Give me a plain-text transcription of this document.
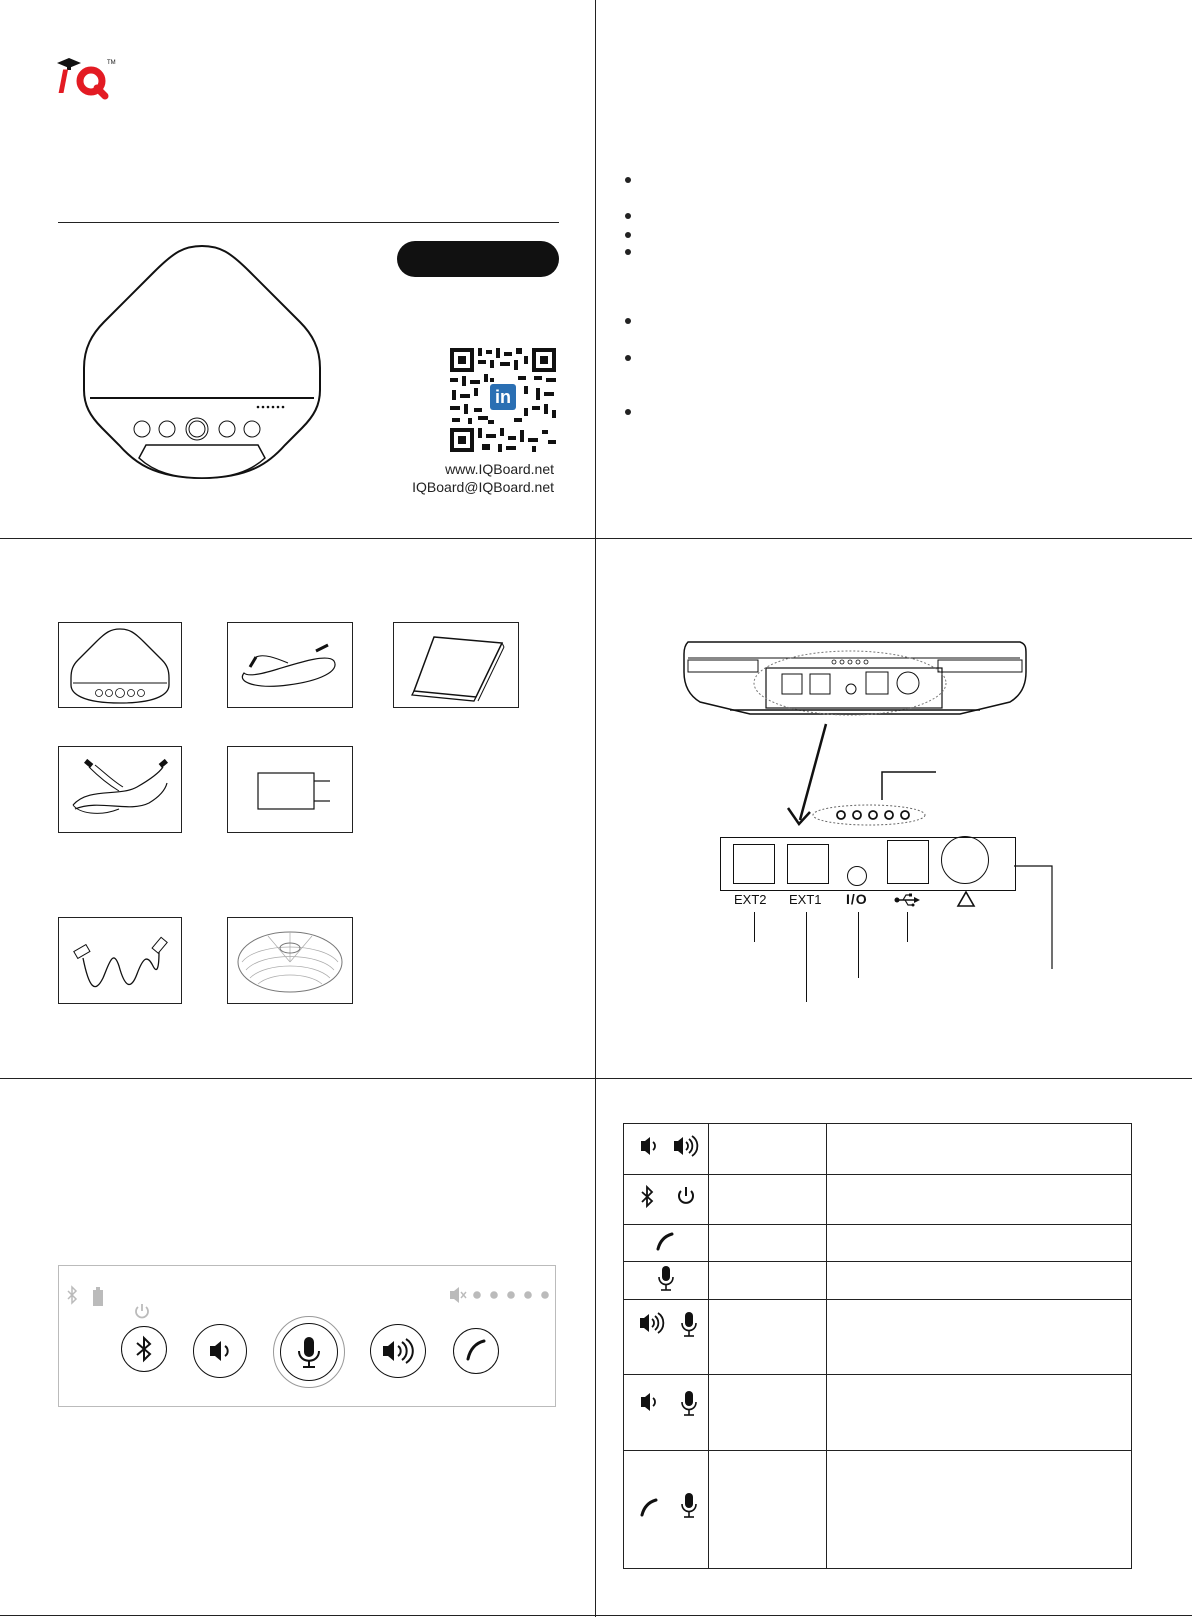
I	TM
in
www.IQBoard.net
IQBoard@IQBoard.net
EXT2 EXT1 I/O
